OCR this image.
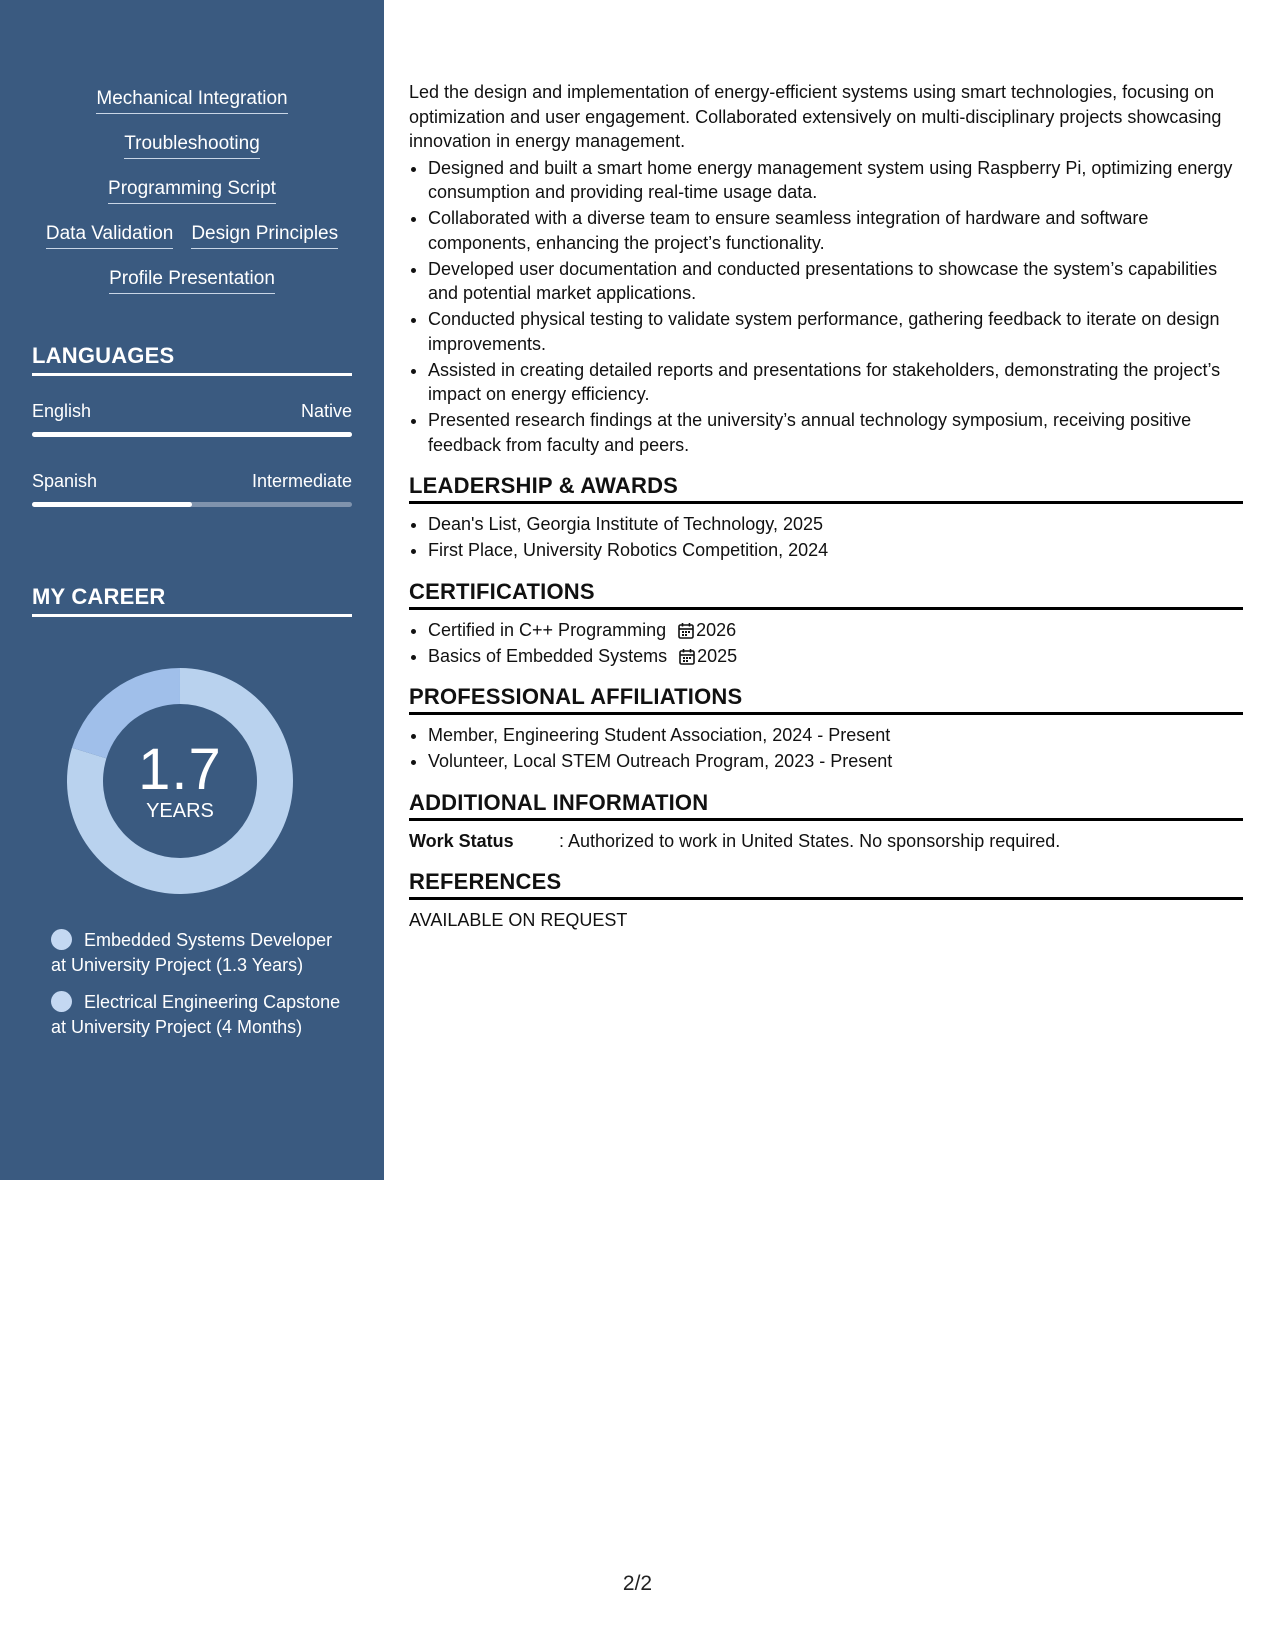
Mechanical Integration
Troubleshooting
Programming Script
Data Validation Design Principles
Profile Presentation
LANGUAGES
English	Native
Spanish	Intermediate
MY CAREER
1.7
YEARS
Embedded Systems Developer at University Project (1.3 Years)
Electrical Engineering Capstone at University Project (4 Months)

Led the design and implementation of energy-efficient systems using smart technologies, focusing on optimization and user engagement. Collaborated extensively on multi-disciplinary projects showcasing innovation in energy management.

• Designed and built a smart home energy management system using Raspberry Pi, optimizing energy consumption and providing real-time usage data.
• Collaborated with a diverse team to ensure seamless integration of hardware and software components, enhancing the project’s functionality.
• Developed user documentation and conducted presentations to showcase the system’s capabilities and potential market applications.
• Conducted physical testing to validate system performance, gathering feedback to iterate on design improvements.
• Assisted in creating detailed reports and presentations for stakeholders, demonstrating the project’s impact on energy efficiency.
• Presented research findings at the university’s annual technology symposium, receiving positive feedback from faculty and peers.
LEADERSHIP & AWARDS
• Dean's List, Georgia Institute of Technology, 2025
• First Place, University Robotics Competition, 2024
CERTIFICATIONS
• Certified in C++ Programming 2026
• Basics of Embedded Systems 2025
PROFESSIONAL AFFILIATIONS
• Member, Engineering Student Association, 2024 - Present
• Volunteer, Local STEM Outreach Program, 2023 - Present
ADDITIONAL INFORMATION
Work Status	: Authorized to work in United States. No sponsorship required.
REFERENCES
AVAILABLE ON REQUEST
2/2
